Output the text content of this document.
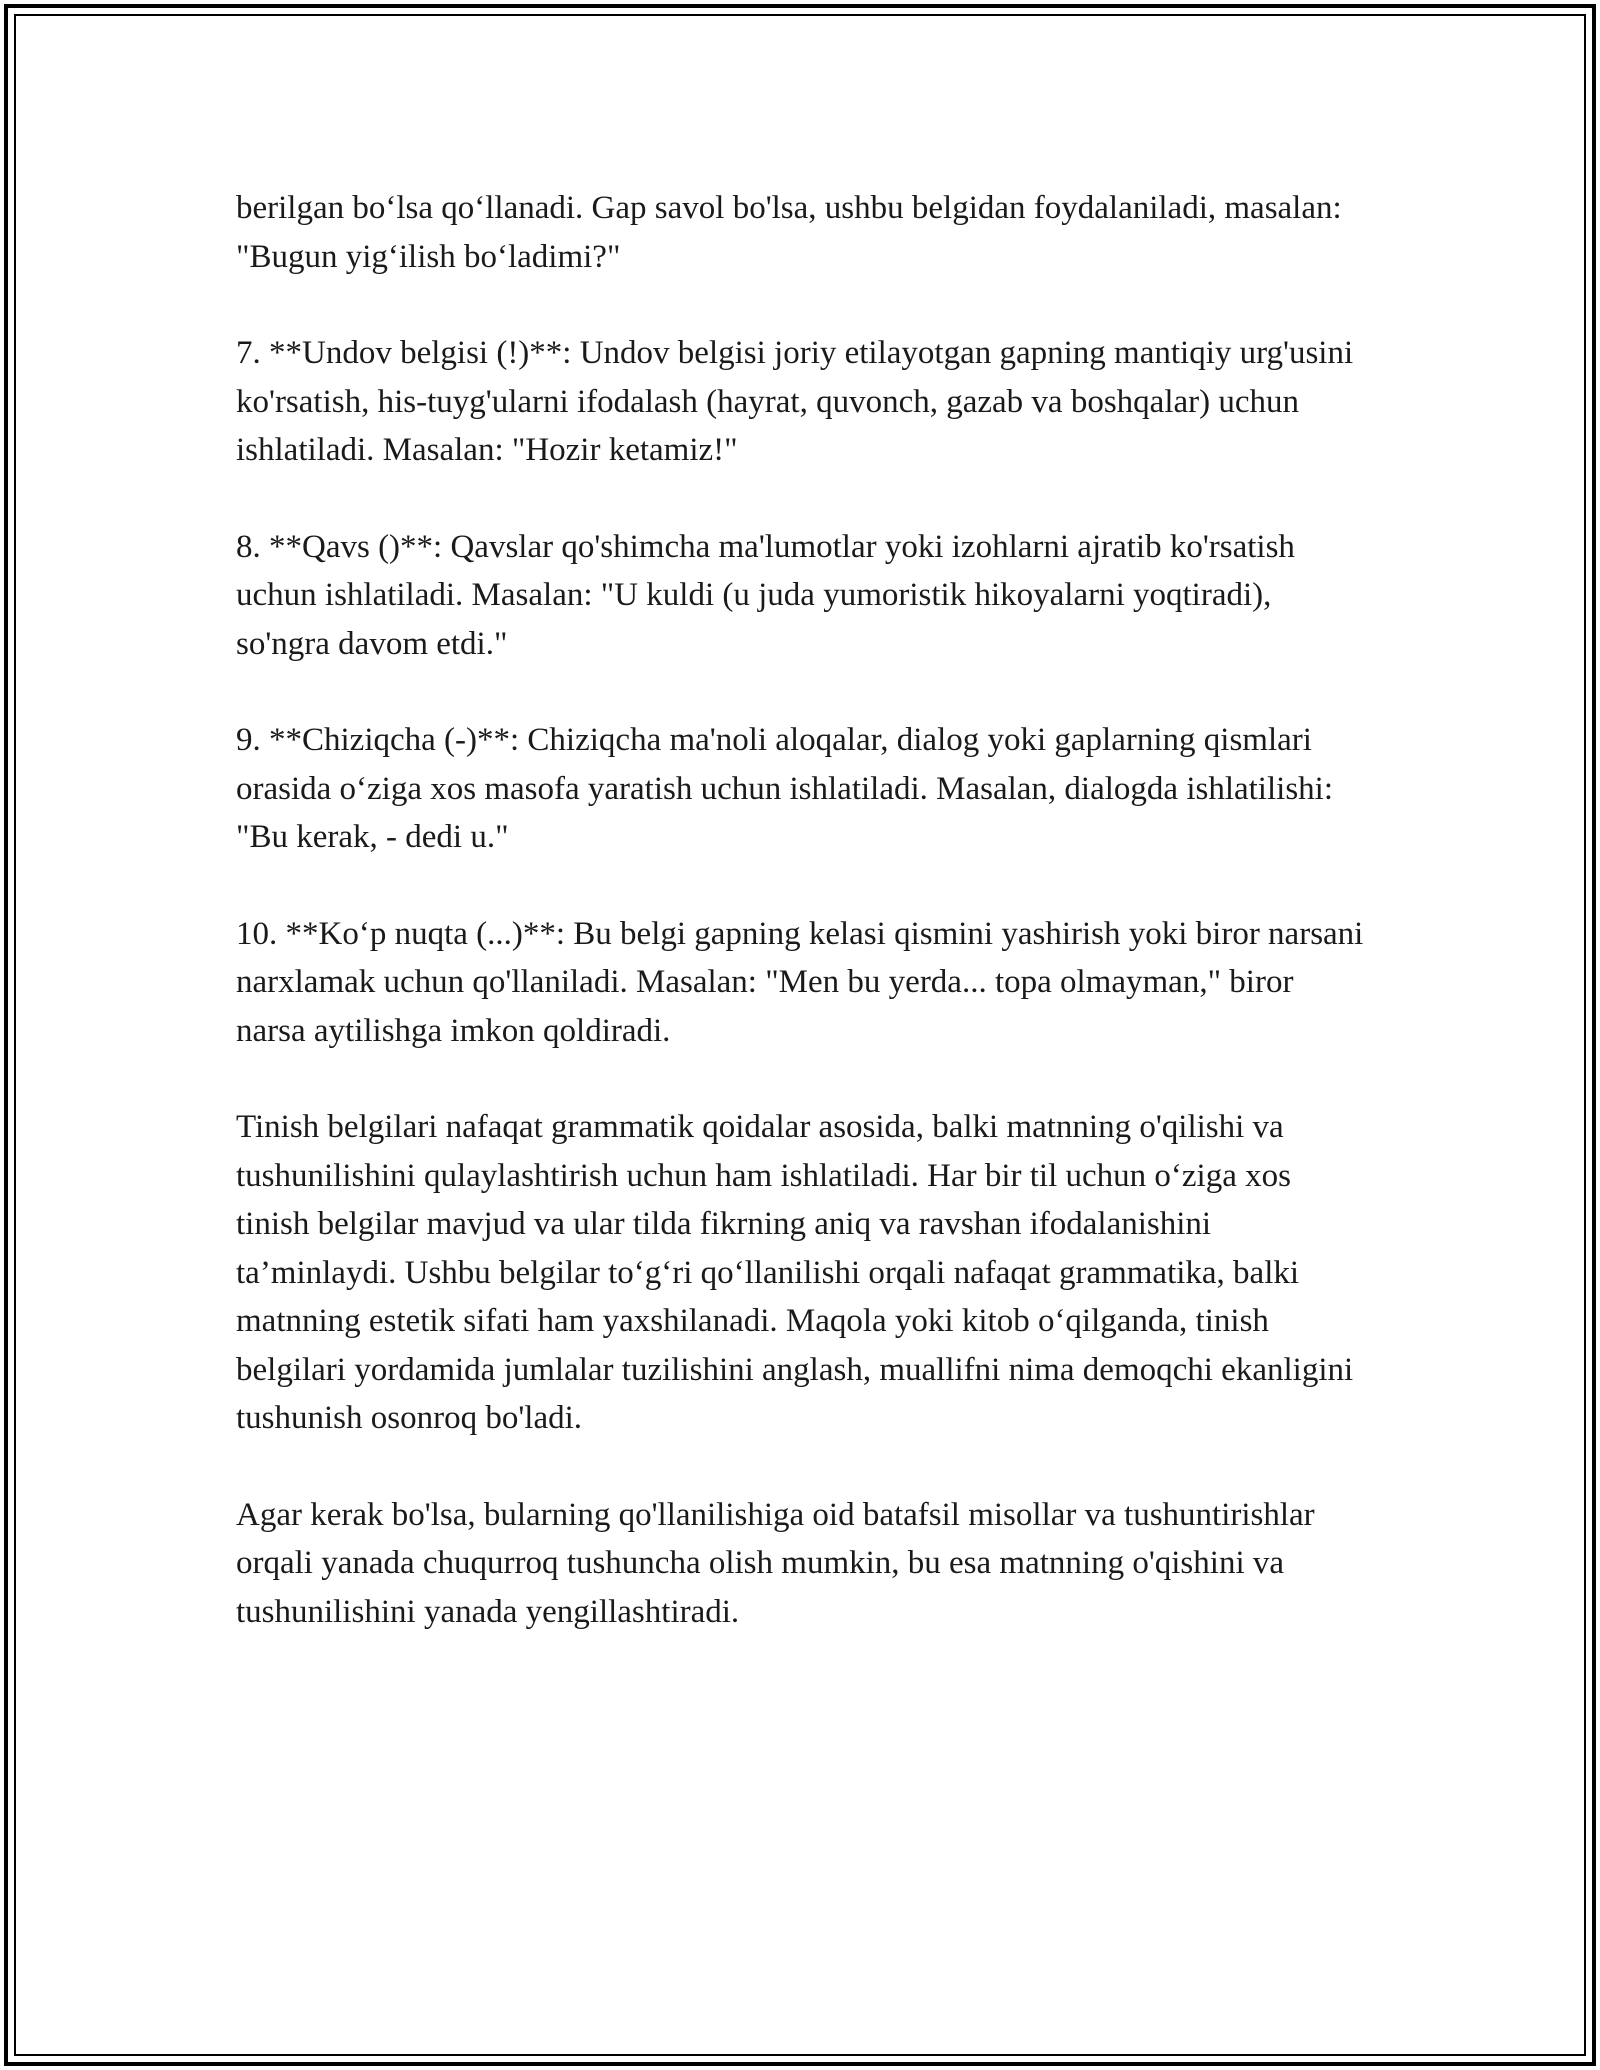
berilgan bo‘lsa qo‘llanadi. Gap savol bo'lsa, ushbu belgidan foydalaniladi, masalan: "Bugun yig‘ilish bo‘ladimi?"

7. **Undov belgisi (!)**: Undov belgisi joriy etilayotgan gapning mantiqiy urg'usini ko'rsatish, his-tuyg'ularni ifodalash (hayrat, quvonch, gazab va boshqalar) uchun ishlatiladi. Masalan: "Hozir ketamiz!"

8. **Qavs ()**: Qavslar qo'shimcha ma'lumotlar yoki izohlarni ajratib ko'rsatish uchun ishlatiladi. Masalan: "U kuldi (u juda yumoristik hikoyalarni yoqtiradi), so'ngra davom etdi."

9. **Chiziqcha (-)**: Chiziqcha ma'noli aloqalar, dialog yoki gaplarning qismlari orasida o‘ziga xos masofa yaratish uchun ishlatiladi. Masalan, dialogda ishlatilishi: "Bu kerak, - dedi u."

10. **Ko‘p nuqta (...)**: Bu belgi gapning kelasi qismini yashirish yoki biror narsani narxlamak uchun qo'llaniladi. Masalan: "Men bu yerda... topa olmayman," biror narsa aytilishga imkon qoldiradi.

Tinish belgilari nafaqat grammatik qoidalar asosida, balki matnning o'qilishi va tushunilishini qulaylashtirish uchun ham ishlatiladi. Har bir til uchun o‘ziga xos tinish belgilar mavjud va ular tilda fikrning aniq va ravshan ifodalanishini ta’minlaydi. Ushbu belgilar to‘g‘ri qo‘llanilishi orqali nafaqat grammatika, balki matnning estetik sifati ham yaxshilanadi. Maqola yoki kitob o‘qilganda, tinish belgilari yordamida jumlalar tuzilishini anglash, muallifni nima demoqchi ekanligini tushunish osonroq bo'ladi.

Agar kerak bo'lsa, bularning qo'llanilishiga oid batafsil misollar va tushuntirishlar orqali yanada chuqurroq tushuncha olish mumkin, bu esa matnning o'qishini va tushunilishini yanada yengillashtiradi.
